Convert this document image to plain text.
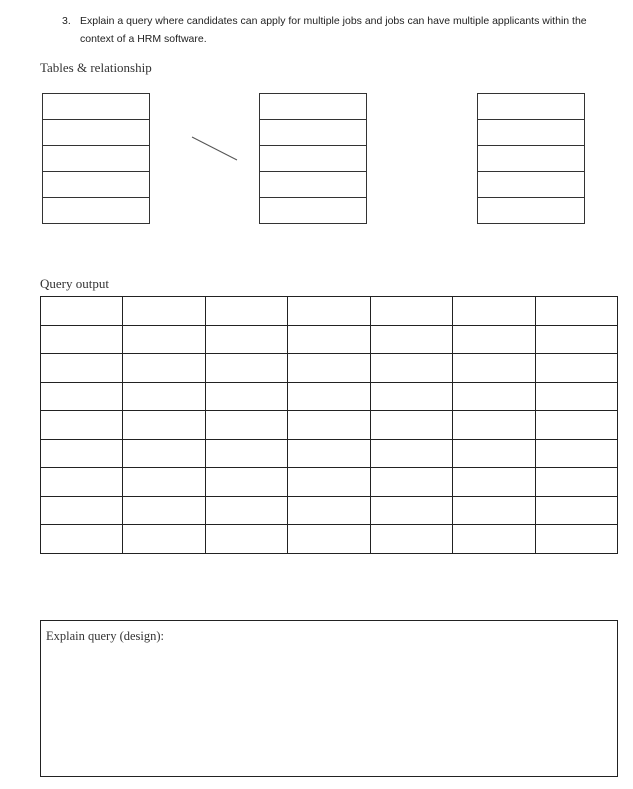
3. Explain a query where candidates can apply for multiple jobs and jobs can have multiple applicants within the context of a HRM software.
Tables & relationship
Query output

Explain query (design):
